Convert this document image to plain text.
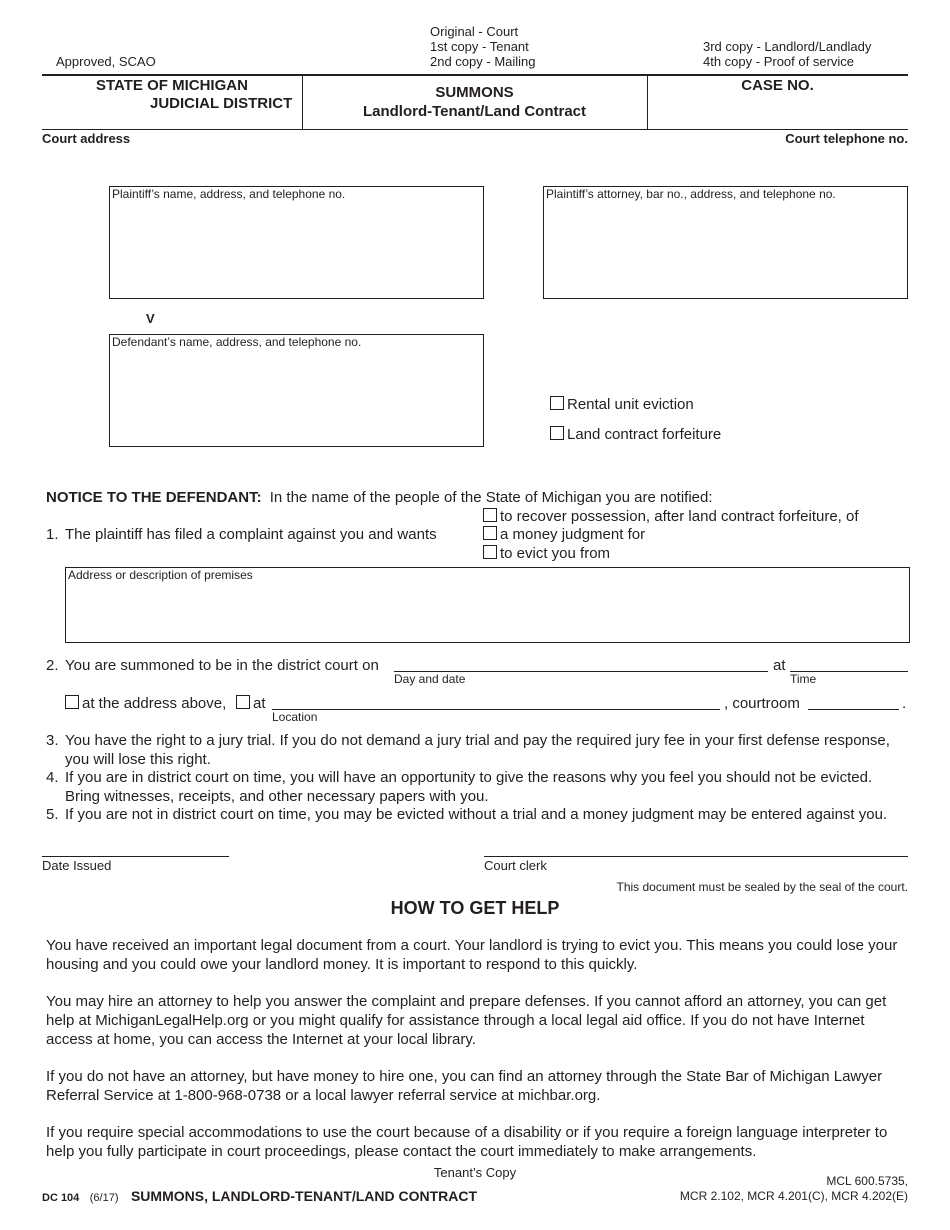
Approved, SCAO
Original - Court
1st copy - Tenant
2nd copy - Mailing
3rd copy - Landlord/Landlady
4th copy - Proof of service
STATE OF MICHIGAN
JUDICIAL DISTRICT
SUMMONS
Landlord-Tenant/Land Contract
CASE NO.
Court address	Court telephone no.
Plaintiff’s name, address, and telephone no.	Plaintiff’s attorney, bar no., address, and telephone no.
V
Defendant’s name, address, and telephone no.
Rental unit eviction
Land contract forfeiture
NOTICE TO THE DEFENDANT: In the name of the people of the State of Michigan you are notified:
1. The plaintiff has filed a complaint against you and wants
to recover possession, after land contract forfeiture, of
a money judgment for
to evict you from
Address or description of premises
2. You are summoned to be in the district court on
Day and date
at
Time
at the address above,	at
Location
, courtroom	.
3. You have the right to a jury trial. If you do not demand a jury trial and pay the required jury fee in your first defense response, you will lose this right.
4. If you are in district court on time, you will have an opportunity to give the reasons why you feel you should not be evicted. Bring witnesses, receipts, and other necessary papers with you.
5. If you are not in district court on time, you may be evicted without a trial and a money judgment may be entered against you.
Date Issued	Court clerk
This document must be sealed by the seal of the court.
HOW TO GET HELP
You have received an important legal document from a court. Your landlord is trying to evict you. This means you could lose your housing and you could owe your landlord money. It is important to respond to this quickly.
You may hire an attorney to help you answer the complaint and prepare defenses. If you cannot afford an attorney, you can get help at MichiganLegalHelp.org or you might qualify for assistance through a local legal aid office. If you do not have Internet access at home, you can access the Internet at your local library.
If you do not have an attorney, but have money to hire one, you can find an attorney through the State Bar of Michigan Lawyer Referral Service at 1-800-968-0738 or a local lawyer referral service at michbar.org.
If you require special accommodations to use the court because of a disability or if you require a foreign language interpreter to help you fully participate in court proceedings, please contact the court immediately to make arrangements.
Tenant’s Copy
DC 104 (6/17) SUMMONS, LANDLORD-TENANT/LAND CONTRACT
MCL 600.5735,
MCR 2.102, MCR 4.201(C), MCR 4.202(E)
